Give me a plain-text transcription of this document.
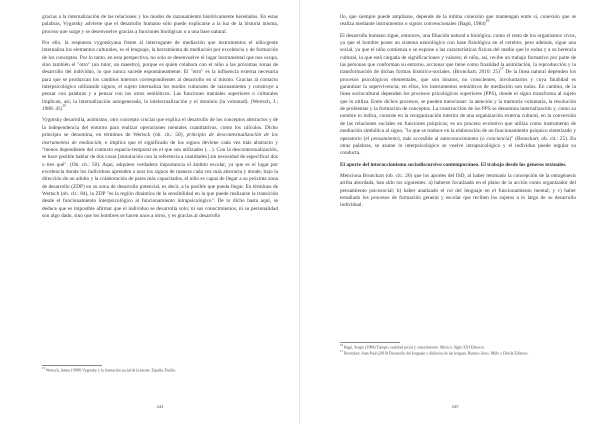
gracias a la internalización de las relaciones y los modos de razonamiento históricamente heredados. En estas palabras, Vygotsky advierte que el desarrollo humano sólo puede explicarse a la luz de la historia misma, proceso que surge y se desenvuelve gracias a funciones biológicas o a una base natural.

Por ello, la respuesta vygotskyana frente al interrogante de mediación que instrumentos el niño/gente internaliza los elementos culturales, es el lenguaje, la herramienta de mediación por excelencia y de formación de los conceptos. Por lo tanto, en esta perspectiva, no solo se desenvuelve el lugar instrumental que nos ocupa, sino también el "otro" (un tutor, un maestro), porque es quien colabora con el niño a las próximas zonas de desarrollo del individuo, lo que nunca sucede espontáneamente. El "otro" es la influencia externa necesaria para que se produzcan los cambios internos correspondientes al desarrollo en sí mismo. Gracias al contacto interpsicológico utilizando signos, el sujeto internaliza los modos culturales de razonamiento y construye a pensar con palabras y a pensar con los otros semióticos. Las funciones mentales superiores o culturales implican, así, la internalización autogenerada, la intelectualización y el dominio (la voluntad). (Wertsch, J.; 1988: 45)$^{15}$

Vygotsky desarrolla, asimismo, otro concepto crucial que explica el desarrollo de los conceptos abstractos y de la independencia del entorno para realizar operaciones mentales cuantitativas, como los cálculos. Dicho principio se denomina, en términos de Wertsch (ob. cit.: 50), principio de descontextualización de los instrumentos de mediación, e implica que el significado de los signos deviene cada vez más abstracto y "menos dependiente del contexto espacio-temporal en el que son utilizados (…). Con la descontextualización, se hace posible hablar de dos cosas [simulación con la referencia a cantidades] sin necesidad de especificar dos o tres qué". (Ob. cit.: 50). Aquí, adquiere verdadera importancia el ámbito escolar, ya que es el lugar por excelencia donde los individuos aprenden a usar los signos de manera cada vez más abstracta y donde, bajo la dirección de un adulto y la colaboración de pares más capacitados, el niño es capaz de llegar a su próxima zona de desarrollo (ZDP) en su zona de desarrollo potencial, es decir, a lo posible que pueda llegar. En términos de Wertsch (ob. cit.: 84), la ZDP "es la región dinámica de la sensibilidad en la que puede realizarse la transición desde el funcionamiento interpsicológico al funcionamiento intrapsicológico". De lo dicho hasta aquí, se deduce que es imposible afirmar que el individuo se desarrolla solo; ni sus conocimientos, ni su personalidad son algo dado, sino que los hombres se hacen unos a otros, y es gracias al desarrollo

$^{15}$ Wertsch, James (1988) Vygotsky y la formación social de la mente. España, Paidós.

444

llo, que siempre puede ampliarse, depende de la íntima conexión que mantengan entre sí, conexión que se realiza mediante instrumentos o signos convencionales (Bagú, 1984)$^{16}$

El desarrollo humano sigue, entonces, una filiación natural o biológica, como el resto de los organismos vivos, ya que el hombre posee un sistema neurológico con base fisiológica en el cerebro; pero además, sigue una social, ya que el niño comienza o se expone a las características físicas del medio que lo rodea y a su herencia cultural, la que está cargada de significaciones y valores; el niño, así, recibe un trabajo formativo por parte de las personas que conforman su entorno, accionar que tiene como finalidad la asimilación, la reproducción y la transformación de dichas formas histórico-sociales. (Bronckart, 2010: 25)$^{17}$ De la línea natural dependen los procesos psicológicos elementales, que son innatos, no conscientes, involuntarios y cuya finalidad es garantizar la supervivencia; en ellos, los instrumentos semióticos de mediación son nulos. En cambio, de la línea sociocultural dependen los procesos psicológicos superiores (PPS), donde el signo transforma al sujeto que lo utiliza. Entre dichos procesos, se pueden mencionar: la atención y la memoria voluntaria, la resolución de problemas y la formación de conceptos. La construcción de los PPS se denomina internalización y, como su nombre lo indica, consiste en la reorganización interior de una organización externa cultural, en la conversión de las relaciones sociales en funciones psíquicas; es un proceso evolutivo que utiliza como instrumento de mediación simbólica al signo, "lo que se traduce en la elaboración de un funcionamiento psíquico sintetizado y operatorio (el pensamiento), más accesible al autoconocimiento (o conciencia)" (Bronckart, ob. cit.: 25). En otras palabras, se asume lo interpsicológico se vuelve intrapsicológico y el individuo puede regular su conducta.

El aporte del interaccionismo sociodiscursivo contemporáneo. El trabajo desde los géneros textuales.

Menciona Bronckart (ob. cit.: 26) que los aportes del ISD, al haber retomado la concepción de la ontogénesis arriba abordada, han sido los siguientes: a) haberse focalizado en el plano de la acción como organizador del pensamiento psicosocial; b) haber analizado el rol del lenguaje en el funcionamiento mental; y c) haber estudiado los procesos de formación general y escolar que reciben los sujetos a lo largo de su desarrollo individual.

$^{16}$ Bagú, Sergio (1984) Tiempo, realidad social y conocimiento. México, Siglo XXI Editores.

$^{17}$ Bronckart, Jean-Paul (2010) Desarrollo del lenguaje y didáctica de las lenguas, Buenos Aires, Miño y Dávila Editores.

445
